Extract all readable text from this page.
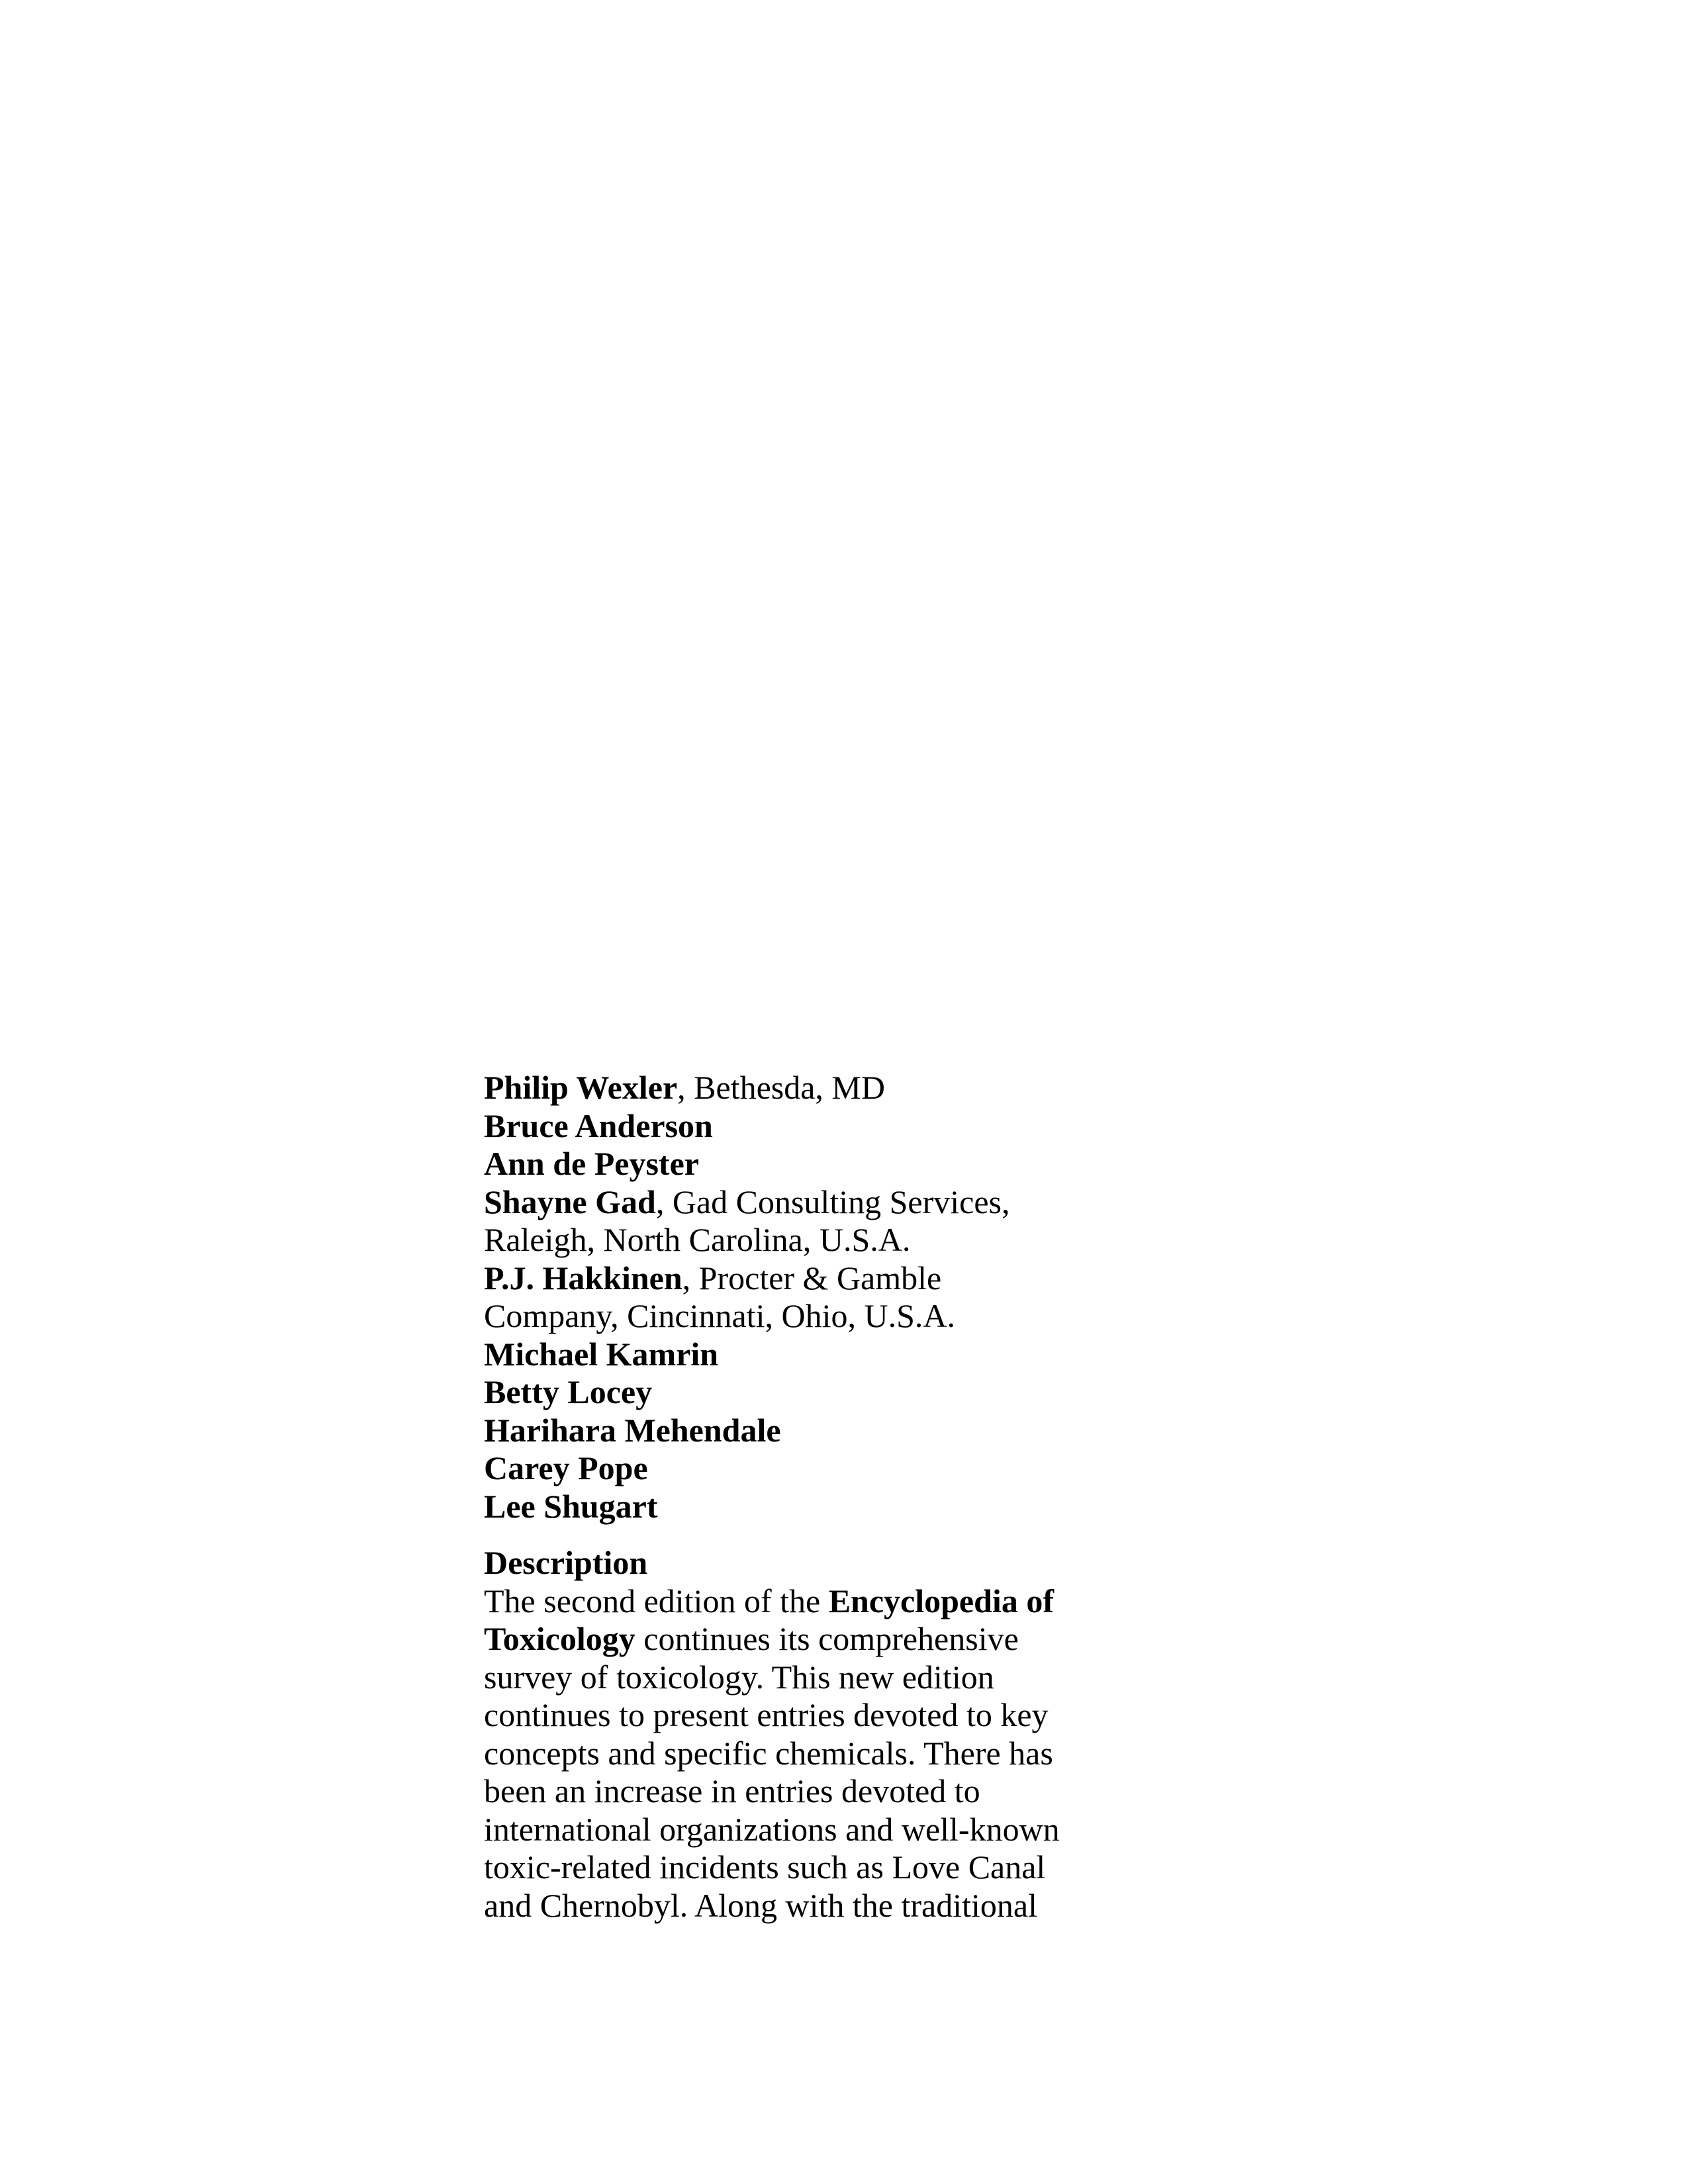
Philip Wexler, Bethesda, MD
Bruce Anderson
Ann de Peyster
Shayne Gad, Gad Consulting Services,
Raleigh, North Carolina, U.S.A.
P.J. Hakkinen, Procter & Gamble
Company, Cincinnati, Ohio, U.S.A.
Michael Kamrin
Betty Locey
Harihara Mehendale
Carey Pope
Lee Shugart
Description
The second edition of the Encyclopedia of
Toxicology continues its comprehensive
survey of toxicology. This new edition
continues to present entries devoted to key
concepts and specific chemicals. There has
been an increase in entries devoted to
international organizations and well-known
toxic-related incidents such as Love Canal
and Chernobyl. Along with the traditional
